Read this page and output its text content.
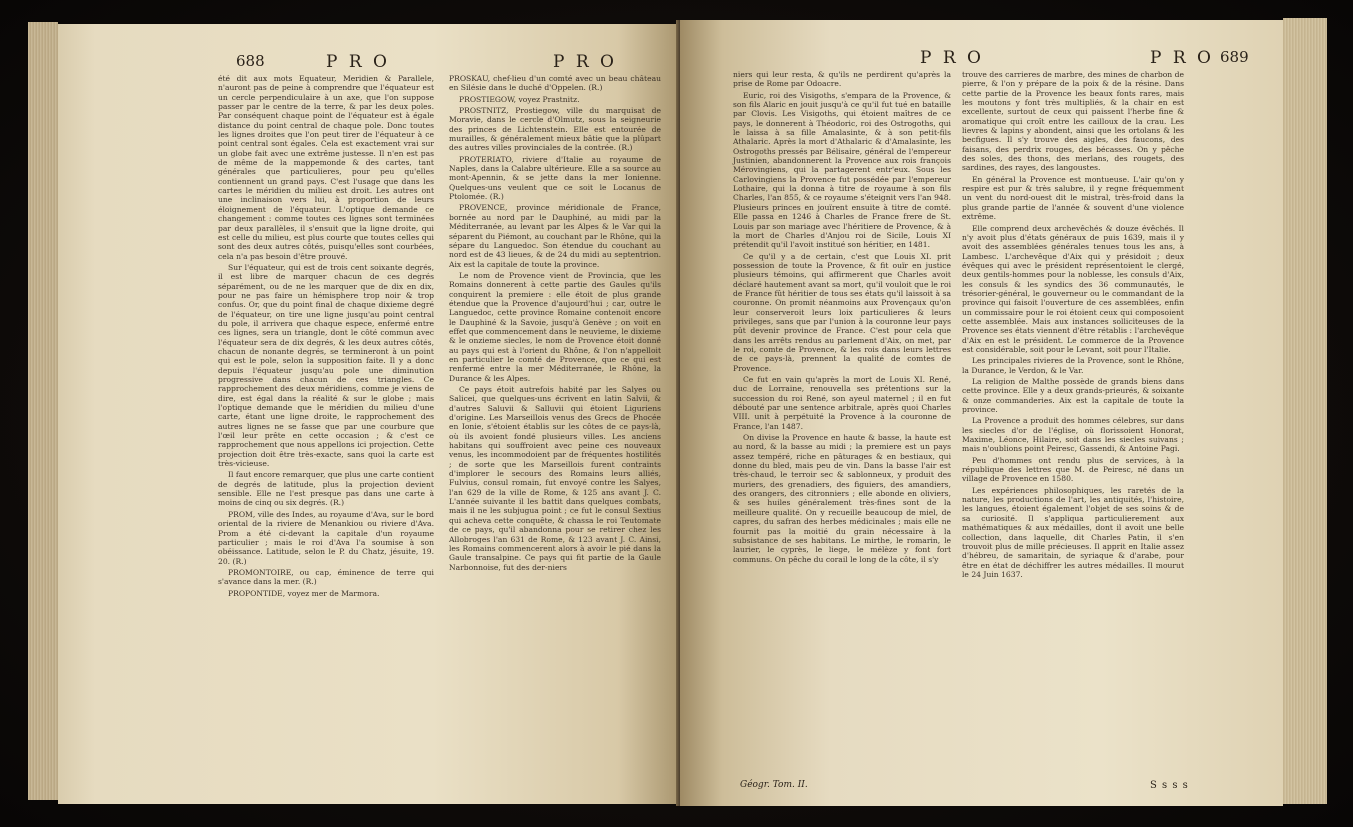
688	P R O	P R O

été dit aux mots Equateur, Meridien & Parallele, n'auront pas de peine à comprendre que l'équateur est un cercle perpendiculaire à un axe, que l'on suppose passer par le centre de la terre, & par les deux poles. Par conséquent chaque point de l'équateur est à égale distance du point central de chaque pole. Donc toutes les lignes droites que l'on peut tirer de l'équateur à ce point central sont égales. Cela est exactement vrai sur un globe fait avec une extrême justesse. Il n'en est pas de même de la mappemonde & des cartes, tant générales que particulieres, pour peu qu'elles contiennent un grand pays. C'est l'usage que dans les cartes le méridien du milieu est droit. Les autres ont une inclinaison vers lui, à proportion de leurs éloignement de l'équateur. L'optique demande ce changement : comme toutes ces lignes sont terminées par deux parallèles, il s'ensuit que la ligne droite, qui est celle du milieu, est plus courte que toutes celles qui sont des deux autres côtés, puisqu'elles sont courbées, cela n'a pas besoin d'être prouvé.

Sur l'équateur, qui est de trois cent soixante degrés, il est libre de marquer chacun de ces degrés séparément, ou de ne les marquer que de dix en dix, pour ne pas faire un hémisphere trop noir & trop confus. Or, que du point final de chaque dixieme degré de l'équateur, on tire une ligne jusqu'au point central du pole, il arrivera que chaque espece, enfermé entre ces lignes, sera un triangle, dont le côté commun avec l'équateur sera de dix degrés, & les deux autres côtés, chacun de nonante degrés, se termineront à un point qui est le pole, selon la supposition faite. Il y a donc depuis l'équateur jusqu'au pole une diminution progressive dans chacun de ces triangles. Ce rapprochement des deux méridiens, comme je viens de dire, est égal dans la réalité & sur le globe ; mais l'optique demande que le méridien du milieu d'une carte, étant une ligne droite, le rapprochement des autres lignes ne se fasse que par une courbure que l'œil leur prête en cette occasion ; & c'est ce rapprochement que nous appellons ici projection. Cette projection doit être très-exacte, sans quoi la carte est très-vicieuse.

Il faut encore remarquer, que plus une carte contient de degrés de latitude, plus la projection devient sensible. Elle ne l'est presque pas dans une carte à moins de cinq ou six degrés. (R.)

PROM, ville des Indes, au royaume d'Ava, sur le bord oriental de la riviere de Menankiou ou riviere d'Ava. Prom a été ci-devant la capitale d'un royaume particulier ; mais le roi d'Ava l'a soumise à son obéissance. Latitude, selon le P. du Chatz, jésuite, 19. 20. (R.)

PROMONTOIRE, ou cap, éminence de terre qui s'avance dans la mer. (R.)

PROPONTIDE, voyez mer de Marmora.

PROSKAU, chef-lieu d'un comté avec un beau château en Silésie dans le duché d'Oppelen. (R.)

PROSTIEGOW, voyez Prastnitz.

PROSTNITZ, Prostiegow, ville du marquisat de Moravie, dans le cercle d'Olmutz, sous la seigneurie des princes de Lichtenstein. Elle est entourée de murailles, & généralement mieux bâtie que la plûpart des autres villes provinciales de la contrée. (R.)

PROTERIATO, riviere d'Italie au royaume de Naples, dans la Calabre ultérieure. Elle a sa source au mont-Apennin, & se jette dans la mer Ionienne. Quelques-uns veulent que ce soit le Locanus de Ptolomée. (R.)

PROVENCE, province méridionale de France, bornée au nord par le Dauphiné, au midi par la Méditerranée, au levant par les Alpes & le Var qui la séparent du Piémont, au couchant par le Rhône, qui la sépare du Languedoc. Son étendue du couchant au nord est de 43 lieues, & de 24 du midi au septentrion. Aix est la capitale de toute la province.

Le nom de Provence vient de Provincia, que les Romains donnerent à cette partie des Gaules qu'ils conquirent la premiere : elle étoit de plus grande étendue que la Provence d'aujourd'hui ; car, outre le Languedoc, cette province Romaine contenoit encore le Dauphiné & la Savoie, jusqu'à Genève ; on voit en effet que commencement dans le neuvieme, le dixieme & le onzieme siecles, le nom de Provence étoit donné au pays qui est à l'orient du Rhône, & l'on n'appelloit en particulier le comté de Provence, que ce qui est renfermé entre la mer Méditerranée, le Rhône, la Durance & les Alpes.

Ce pays étoit autrefois habité par les Salyes ou Salicei, que quelques-uns écrivent en latin Salvii, & d'autres Saluvii & Salluvii qui étoient Liguriens d'origine. Les Marseillois venus des Grecs de Phocée en Ionie, s'étoient établis sur les côtes de ce pays-là, où ils avoient fondé plusieurs villes. Les anciens habitans qui souffroient avec peine ces nouveaux venus, les incommodoient par de fréquentes hostilités ; de sorte que les Marseillois furent contraints d'implorer le secours des Romains leurs alliés, Fulvius, consul romain, fut envoyé contre les Salyes, l'an 629 de la ville de Rome, & 125 ans avant J. C. L'année suivante il les battit dans quelques combats, mais il ne les subjugua point ; ce fut le consul Sextius qui acheva cette conquête, & chassa le roi Teutomate de ce pays, qu'il abandonna pour se retirer chez les Allobroges l'an 631 de Rome, & 123 avant J. C. Ainsi, les Romains commencerent alors à avoir le pié dans la Gaule transalpine. Ce pays qui fit partie de la Gaule Narbonnoise, fut des der-niers

P R O	P R O 689

niers qui leur resta, & qu'ils ne perdirent qu'après la prise de Rome par Odoacre.

Euric, roi des Visigoths, s'empara de la Provence, & son fils Alaric en jouit jusqu'à ce qu'il fut tué en bataille par Clovis. Les Visigoths, qui étoient maîtres de ce pays, le donnerent à Théodoric, roi des Ostrogoths, qui le laissa à sa fille Amalasinte, & à son petit-fils Athalaric. Après la mort d'Athalaric & d'Amalasinte, les Ostrogoths pressés par Bélisaire, général de l'empereur Justinien, abandonnerent la Provence aux rois françois Mérovingiens, qui la partagerent entr'eux. Sous les Carlovingiens la Provence fut possédée par l'empereur Lothaire, qui la donna à titre de royaume à son fils Charles, l'an 855, & ce royaume s'éteignit vers l'an 948. Plusieurs princes en jouïrent ensuite à titre de comté. Elle passa en 1246 à Charles de France frere de St. Louis par son mariage avec l'héritiere de Provence, & à la mort de Charles d'Anjou roi de Sicile, Louis XI prétendit qu'il l'avoit institué son héritier, en 1481.

Ce qu'il y a de certain, c'est que Louis XI. prit possession de toute la Provence, & fit ouïr en justice plusieurs témoins, qui affirmerent que Charles avoit déclaré hautement avant sa mort, qu'il vouloit que le roi de France fût héritier de tous ses états qu'il laissoit à sa couronne. On promit néanmoins aux Provençaux qu'on leur conserveroit leurs loix particulieres & leurs privileges, sans que par l'union à la couronne leur pays pût devenir province de France. C'est pour cela que dans les arrêts rendus au parlement d'Aix, on met, par le roi, comte de Provence, & les rois dans leurs lettres de ce pays-là, prennent la qualité de comtes de Provence.

Ce fut en vain qu'après la mort de Louis XI. René, duc de Lorraine, renouvella ses prétentions sur la succession du roi René, son ayeul maternel ; il en fut débouté par une sentence arbitrale, après quoi Charles VIII. unit à perpétuité la Provence à la couronne de France, l'an 1487.

On divise la Provence en haute & basse, la haute est au nord, & la basse au midi ; la premiere est un pays assez tempéré, riche en pâturages & en bestiaux, qui donne du bled, mais peu de vin. Dans la basse l'air est très-chaud, le terroir sec & sablonneux, y produit des muriers, des grenadiers, des figuiers, des amandiers, des orangers, des citronniers ; elle abonde en oliviers, & ses huiles généralement très-fines sont de la meilleure qualité. On y recueille beaucoup de miel, de capres, du safran des herbes médicinales ; mais elle ne fournit pas la moitié du grain nécessaire à la subsistance de ses habitans. Le mirthe, le romarin, le laurier, le cyprès, le liege, le mélèze y font fort communs. On pêche du corail le long de la côte, il s'y

trouve des carrieres de marbre, des mines de charbon de pierre, & l'on y prépare de la poix & de la résine. Dans cette partie de la Provence les beaux fonts rares, mais les moutons y font très multipliés, & la chair en est excellente, surtout de ceux qui paissent l'herbe fine & aromatique qui croît entre les cailloux de la crau. Les lievres & lapins y abondent, ainsi que les ortolans & les becfigues. Il s'y trouve des aigles, des faucons, des faisans, des perdrix rouges, des bécasses. On y pêche des soles, des thons, des merlans, des rougets, des sardines, des rayes, des langoustes.

En général la Provence est montueuse. L'air qu'on y respire est pur & très salubre, il y regne fréquemment un vent du nord-ouest dit le mistral, très-froid dans la plus grande partie de l'année & souvent d'une violence extrême.

Elle comprend deux archevêchés & douze évêchés. Il n'y avoit plus d'états généraux de puis 1639, mais il y avoit des assemblées générales tenues tous les ans, à Lambesc. L'archevêque d'Aix qui y présidoit ; deux évêques qui avec le président représentoient le clergé, deux gentils-hommes pour la noblesse, les consuls d'Aix, les consuls & les syndics des 36 communautés, le trésorier-général, le gouverneur ou le commandant de la province qui faisoit l'ouverture de ces assemblées, enfin un commissaire pour le roi étoient ceux qui composoient cette assemblée. Mais aux instances solliciteuses de la Provence ses états viennent d'être rétablis : l'archevêque d'Aix en est le président. Le commerce de la Provence est considérable, soit pour le Levant, soit pour l'Italie.

Les principales rivieres de la Provence, sont le Rhône, la Durance, le Verdon, & le Var.

La religion de Malthe possède de grands biens dans cette province. Elle y a deux grands-prieurés, & soixante & onze commanderies. Aix est la capitale de toute la province.

La Provence a produit des hommes célebres, sur dans les siecles d'or de l'église, où florissoient Honorat, Maxime, Léonce, Hilaire, soit dans les siecles suivans ; mais n'oublions point Peiresc, Gassendi, & Antoine Pagi.

Peu d'hommes ont rendu plus de services, à la république des lettres que M. de Peiresc, né dans un village de Provence en 1580.

Les expériences philosophiques, les raretés de la nature, les productions de l'art, les antiquités, l'histoire, les langues, étoient également l'objet de ses soins & de sa curiosité. Il s'appliqua particulierement aux mathématiques & aux médailles, dont il avoit une belle collection, dans laquelle, dit Charles Patin, il s'en trouvoit plus de mille précieuses. Il apprit en Italie assez d'hébreu, de samaritain, de syriaque & d'arabe, pour être en état de déchiffrer les autres médailles. Il mourut le 24 Juin 1637.

Géogr. Tom. II.	S s s s
